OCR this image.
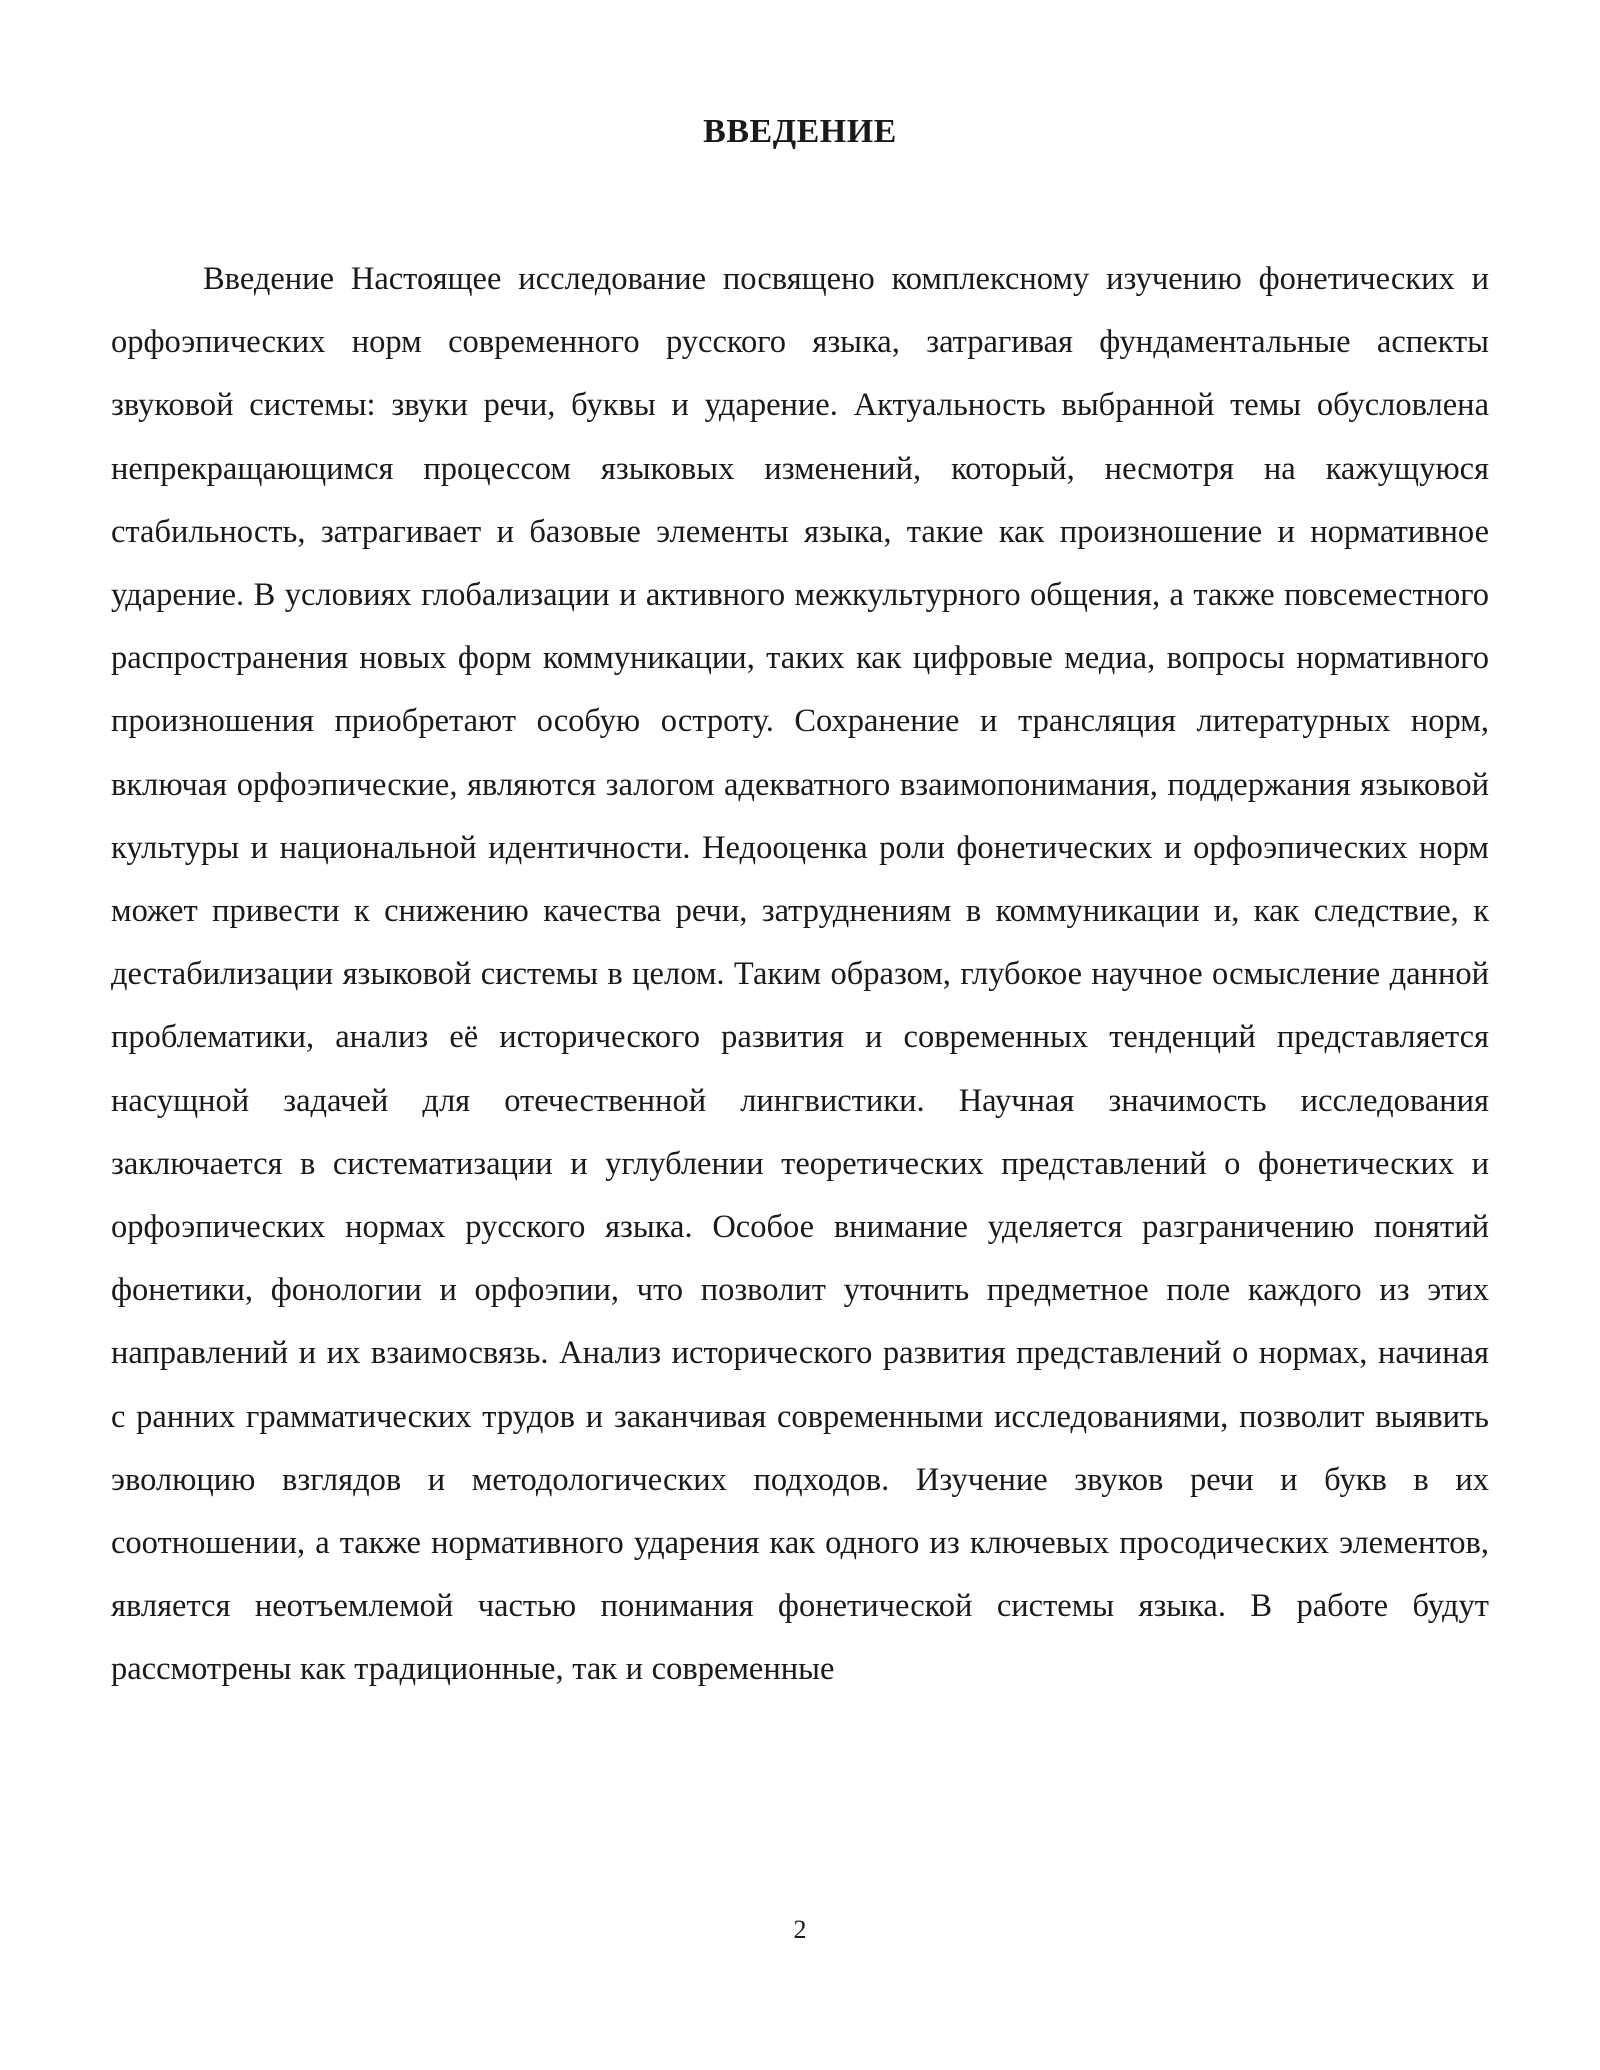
ВВЕДЕНИЕ

Введение Настоящее исследование посвящено комплексному изучению фонетических и орфоэпических норм современного русского языка, затрагивая фундаментальные аспекты звуковой системы: звуки речи, буквы и ударение. Актуальность выбранной темы обусловлена непрекращающимся процессом языковых изменений, который, несмотря на кажущуюся стабильность, затрагивает и базовые элементы языка, такие как произношение и нормативное ударение. В условиях глобализации и активного межкультурного общения, а также повсеместного распространения новых форм коммуникации, таких как цифровые медиа, вопросы нормативного произношения приобретают особую остроту. Сохранение и трансляция литературных норм, включая орфоэпические, являются залогом адекватного взаимопонимания, поддержания языковой культуры и национальной идентичности. Недооценка роли фонетических и орфоэпических норм может привести к снижению качества речи, затруднениям в коммуникации и, как следствие, к дестабилизации языковой системы в целом. Таким образом, глубокое научное осмысление данной проблематики, анализ её исторического развития и современных тенденций представляется насущной задачей для отечественной лингвистики. Научная значимость исследования заключается в систематизации и углублении теоретических представлений о фонетических и орфоэпических нормах русского языка. Особое внимание уделяется разграничению понятий фонетики, фонологии и орфоэпии, что позволит уточнить предметное поле каждого из этих направлений и их взаимосвязь. Анализ исторического развития представлений о нормах, начиная с ранних грамматических трудов и заканчивая современными исследованиями, позволит выявить эволюцию взглядов и методологических подходов. Изучение звуков речи и букв в их соотношении, а также нормативного ударения как одного из ключевых просодических элементов, является неотъемлемой частью понимания фонетической системы языка. В работе будут рассмотрены как традиционные, так и современные

2
